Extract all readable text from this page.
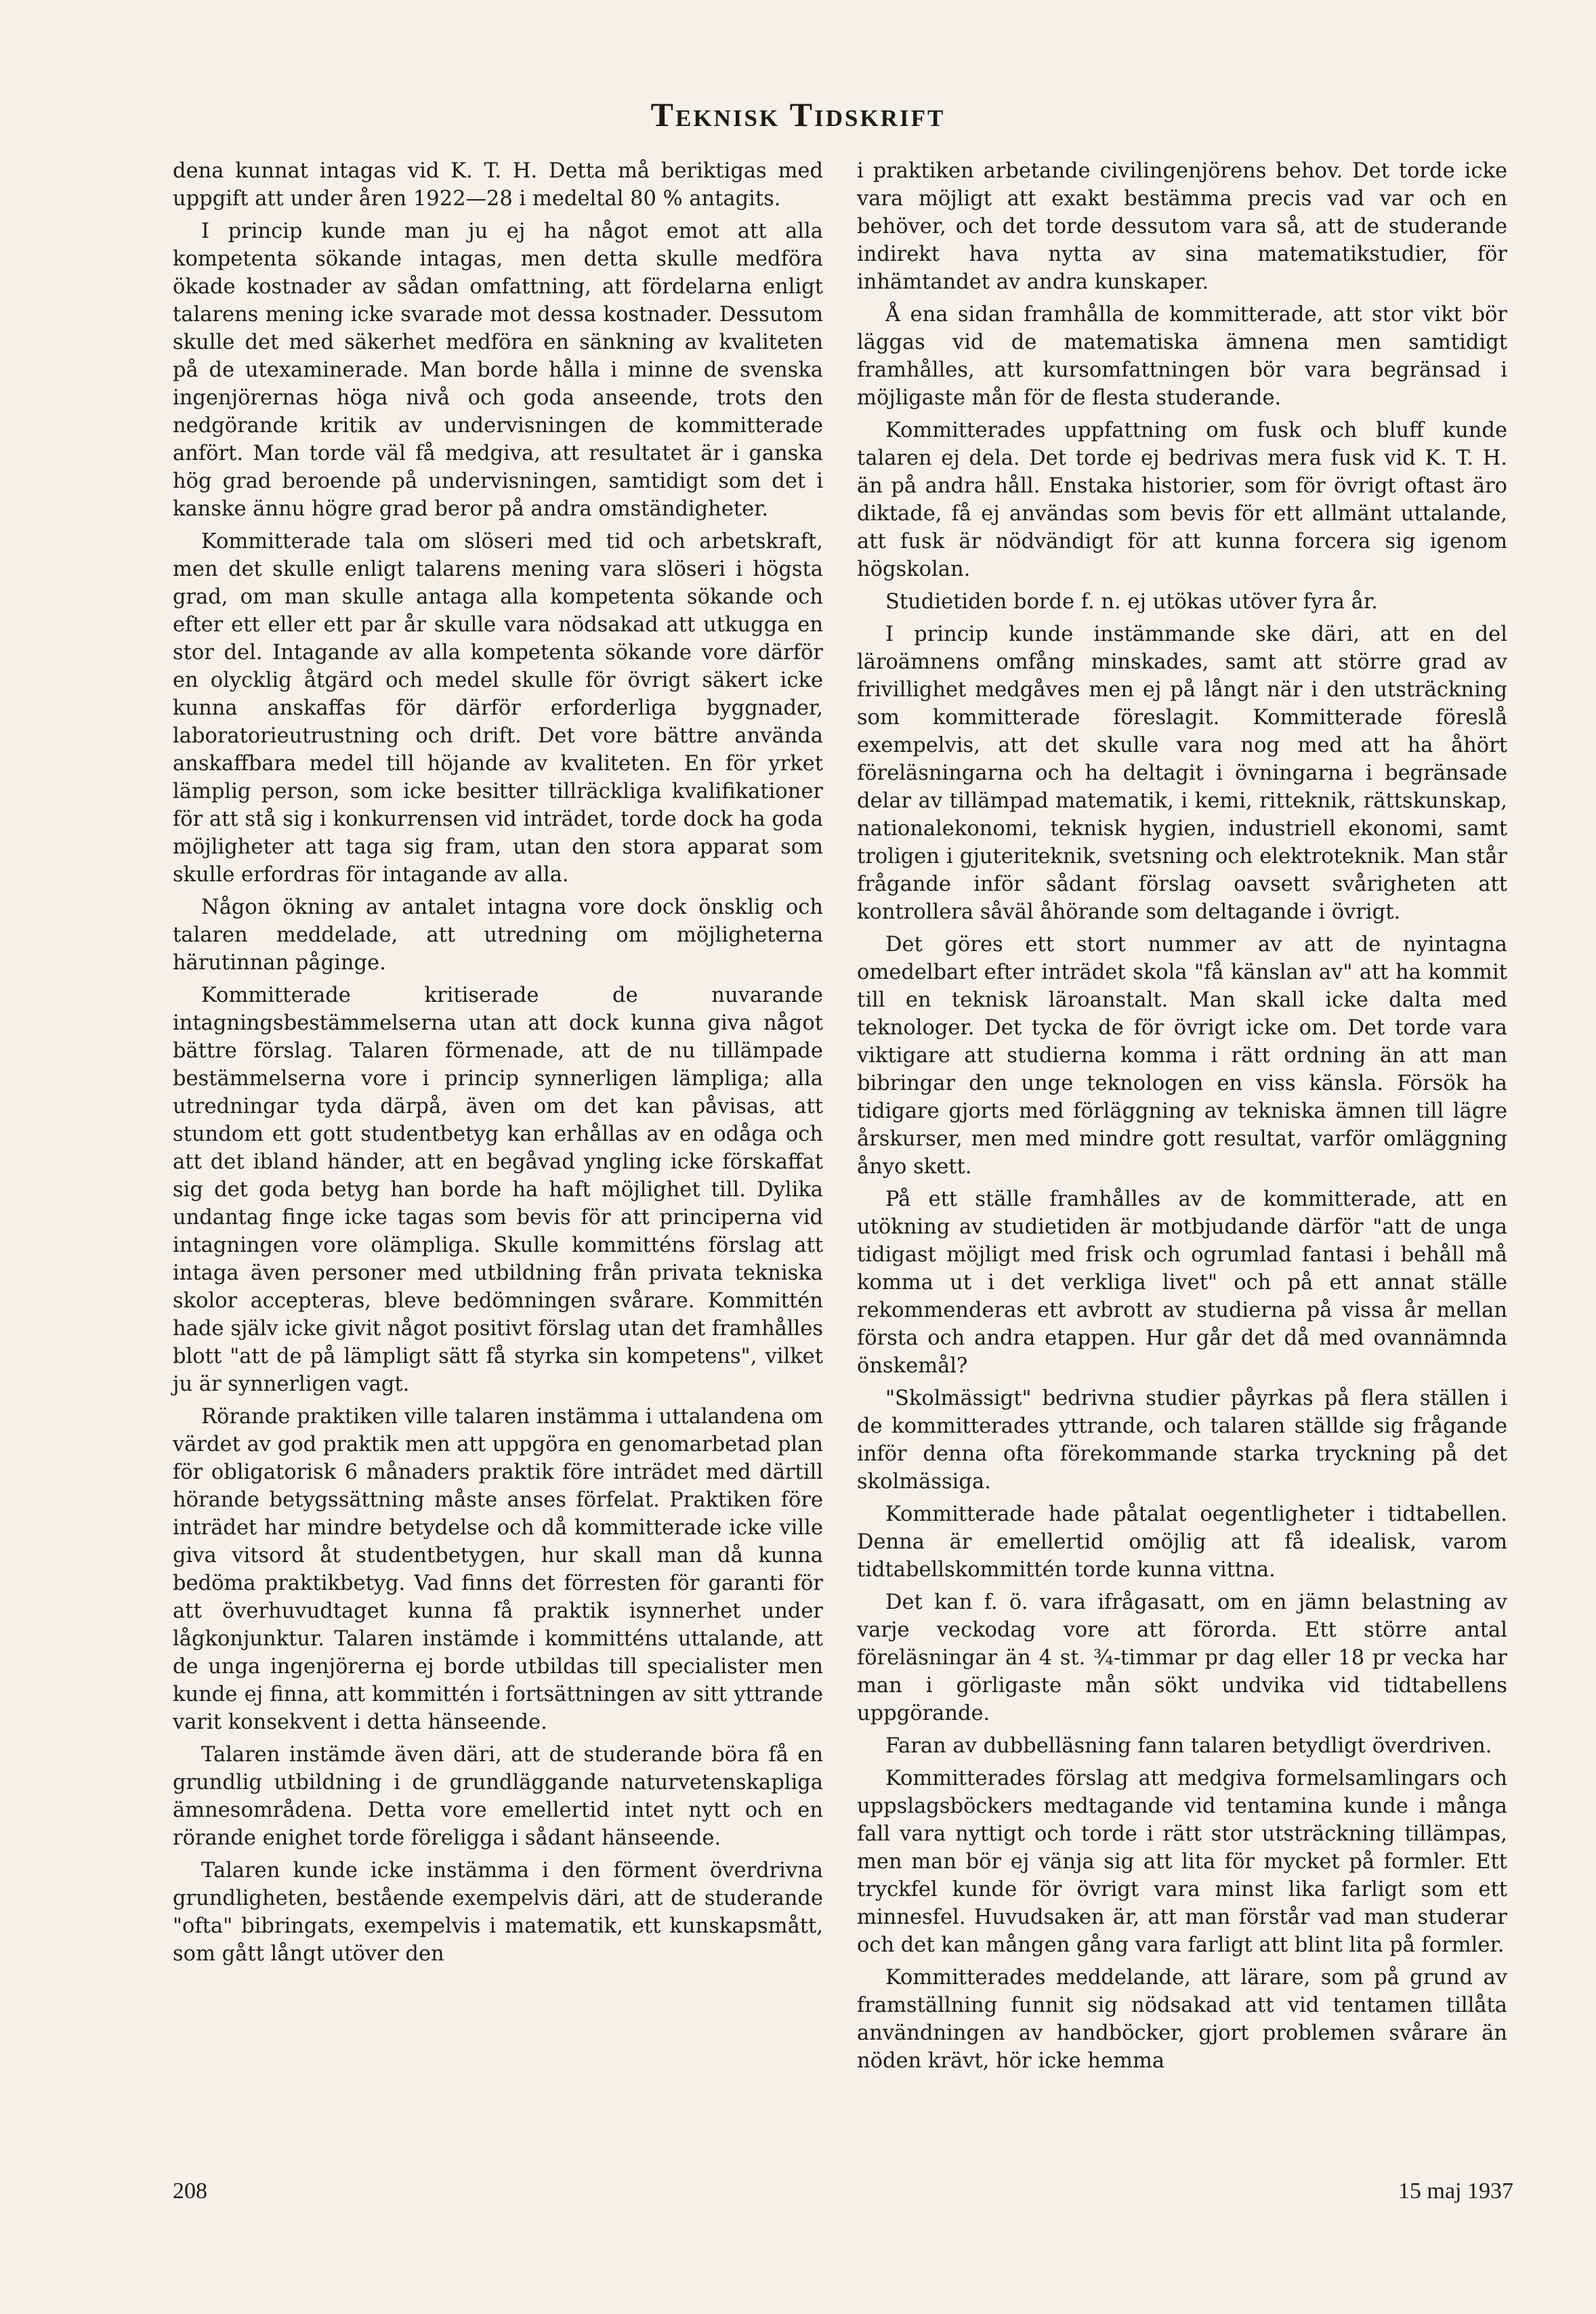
Teknisk Tidskrift

dena kunnat intagas vid K. T. H. Detta må beriktigas med uppgift att under åren 1922—28 i medeltal 80 % antagits.

I princip kunde man ju ej ha något emot att alla kompetenta sökande intagas, men detta skulle medföra ökade kostnader av sådan omfattning, att fördelarna enligt talarens mening icke svarade mot dessa kostnader. Dessutom skulle det med säkerhet medföra en sänkning av kvaliteten på de utexaminerade. Man borde hålla i minne de svenska ingenjörernas höga nivå och goda anseende, trots den nedgörande kritik av undervisningen de kommitterade anfört. Man torde väl få medgiva, att resultatet är i ganska hög grad beroende på undervisningen, samtidigt som det i kanske ännu högre grad beror på andra omständigheter.

Kommitterade tala om slöseri med tid och arbetskraft, men det skulle enligt talarens mening vara slöseri i högsta grad, om man skulle antaga alla kompetenta sökande och efter ett eller ett par år skulle vara nödsakad att utkugga en stor del. Intagande av alla kompetenta sökande vore därför en olycklig åtgärd och medel skulle för övrigt säkert icke kunna anskaffas för därför erforderliga byggnader, laboratorieutrustning och drift. Det vore bättre använda anskaffbara medel till höjande av kvaliteten. En för yrket lämplig person, som icke besitter tillräckliga kvalifikationer för att stå sig i konkurrensen vid inträdet, torde dock ha goda möjligheter att taga sig fram, utan den stora apparat som skulle erfordras för intagande av alla.

Någon ökning av antalet intagna vore dock önsklig och talaren meddelade, att utredning om möjligheterna härutinnan påginge.

Kommitterade kritiserade de nuvarande intagningsbestämmelserna utan att dock kunna giva något bättre förslag. Talaren förmenade, att de nu tillämpade bestämmelserna vore i princip synnerligen lämpliga; alla utredningar tyda därpå, även om det kan påvisas, att stundom ett gott studentbetyg kan erhållas av en odåga och att det ibland händer, att en begåvad yngling icke förskaffat sig det goda betyg han borde ha haft möjlighet till. Dylika undantag finge icke tagas som bevis för att principerna vid intagningen vore olämpliga. Skulle kommitténs förslag att intaga även personer med utbildning från privata tekniska skolor accepteras, bleve bedömningen svårare. Kommittén hade själv icke givit något positivt förslag utan det framhålles blott "att de på lämpligt sätt få styrka sin kompetens", vilket ju är synnerligen vagt.

Rörande praktiken ville talaren instämma i uttalandena om värdet av god praktik men att uppgöra en genomarbetad plan för obligatorisk 6 månaders praktik före inträdet med därtill hörande betygssättning måste anses förfelat. Praktiken före inträdet har mindre betydelse och då kommitterade icke ville giva vitsord åt studentbetygen, hur skall man då kunna bedöma praktikbetyg. Vad finns det förresten för garanti för att överhuvudtaget kunna få praktik isynnerhet under lågkonjunktur. Talaren instämde i kommitténs uttalande, att de unga ingenjörerna ej borde utbildas till specialister men kunde ej finna, att kommittén i fortsättningen av sitt yttrande varit konsekvent i detta hänseende.

Talaren instämde även däri, att de studerande böra få en grundlig utbildning i de grundläggande naturvetenskapliga ämnesområdena. Detta vore emellertid intet nytt och en rörande enighet torde föreligga i sådant hänseende.

Talaren kunde icke instämma i den förment överdrivna grundligheten, bestående exempelvis däri, att de studerande "ofta" bibringats, exempelvis i matematik, ett kunskapsmått, som gått långt utöver den

i praktiken arbetande civilingenjörens behov. Det torde icke vara möjligt att exakt bestämma precis vad var och en behöver, och det torde dessutom vara så, att de studerande indirekt hava nytta av sina matematikstudier, för inhämtandet av andra kunskaper.

Å ena sidan framhålla de kommitterade, att stor vikt bör läggas vid de matematiska ämnena men samtidigt framhålles, att kursomfattningen bör vara begränsad i möjligaste mån för de flesta studerande.

Kommitterades uppfattning om fusk och bluff kunde talaren ej dela. Det torde ej bedrivas mera fusk vid K. T. H. än på andra håll. Enstaka historier, som för övrigt oftast äro diktade, få ej användas som bevis för ett allmänt uttalande, att fusk är nödvändigt för att kunna forcera sig igenom högskolan.

Studietiden borde f. n. ej utökas utöver fyra år.

I princip kunde instämmande ske däri, att en del läroämnens omfång minskades, samt att större grad av frivillighet medgåves men ej på långt när i den utsträckning som kommitterade föreslagit. Kommitterade föreslå exempelvis, att det skulle vara nog med att ha åhört föreläsningarna och ha deltagit i övningarna i begränsade delar av tillämpad matematik, i kemi, ritteknik, rättskunskap, nationalekonomi, teknisk hygien, industriell ekonomi, samt troligen i gjuteriteknik, svetsning och elektroteknik. Man står frågande inför sådant förslag oavsett svårigheten att kontrollera såväl åhörande som deltagande i övrigt.

Det göres ett stort nummer av att de nyintagna omedelbart efter inträdet skola "få känslan av" att ha kommit till en teknisk läroanstalt. Man skall icke dalta med teknologer. Det tycka de för övrigt icke om. Det torde vara viktigare att studierna komma i rätt ordning än att man bibringar den unge teknologen en viss känsla. Försök ha tidigare gjorts med förläggning av tekniska ämnen till lägre årskurser, men med mindre gott resultat, varför omläggning ånyo skett.

På ett ställe framhålles av de kommitterade, att en utökning av studietiden är motbjudande därför "att de unga tidigast möjligt med frisk och ogrumlad fantasi i behåll må komma ut i det verkliga livet" och på ett annat ställe rekommenderas ett avbrott av studierna på vissa år mellan första och andra etappen. Hur går det då med ovannämnda önskemål?

"Skolmässigt" bedrivna studier påyrkas på flera ställen i de kommitterades yttrande, och talaren ställde sig frågande inför denna ofta förekommande starka tryckning på det skolmässiga.

Kommitterade hade påtalat oegentligheter i tidtabellen. Denna är emellertid omöjlig att få idealisk, varom tidtabellskommittén torde kunna vittna.

Det kan f. ö. vara ifrågasatt, om en jämn belastning av varje veckodag vore att förorda. Ett större antal föreläsningar än 4 st. ¾-timmar pr dag eller 18 pr vecka har man i görligaste mån sökt undvika vid tidtabellens uppgörande.

Faran av dubbelläsning fann talaren betydligt överdriven.

Kommitterades förslag att medgiva formelsamlingars och uppslagsböckers medtagande vid tentamina kunde i många fall vara nyttigt och torde i rätt stor utsträckning tillämpas, men man bör ej vänja sig att lita för mycket på formler. Ett tryckfel kunde för övrigt vara minst lika farligt som ett minnesfel. Huvudsaken är, att man förstår vad man studerar och det kan mången gång vara farligt att blint lita på formler.

Kommitterades meddelande, att lärare, som på grund av framställning funnit sig nödsakad att vid tentamen tillåta användningen av handböcker, gjort problemen svårare än nöden krävt, hör icke hemma

208	15 maj 1937
